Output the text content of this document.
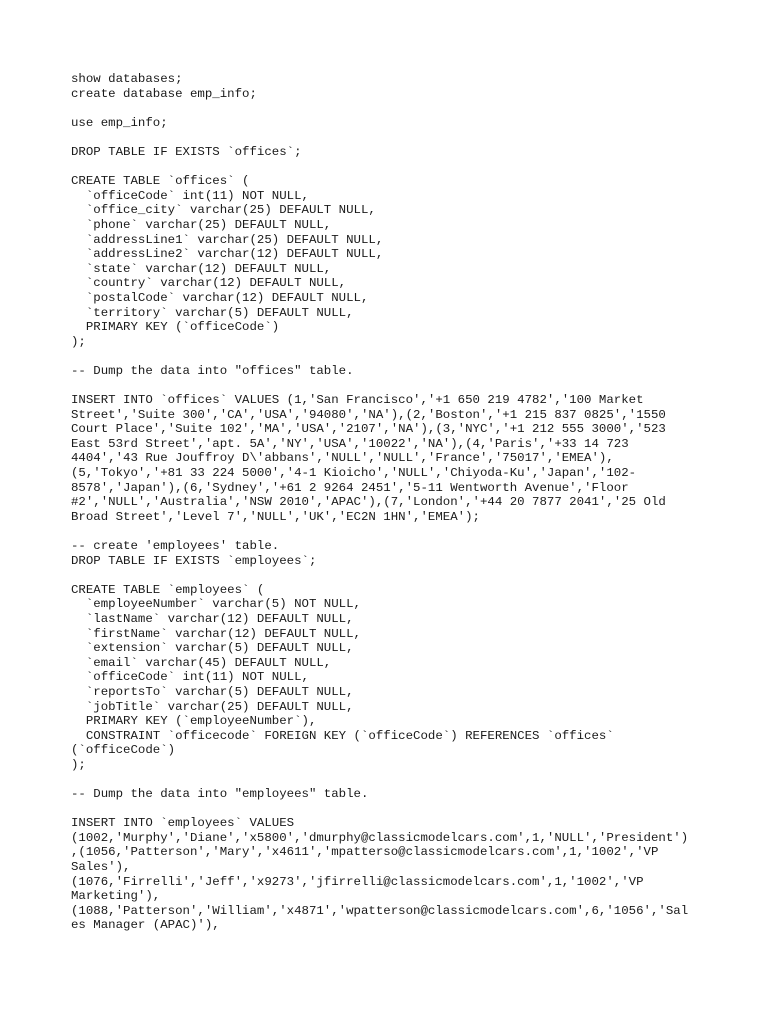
show databases;
create database emp_info;
use emp_info;
DROP TABLE IF EXISTS `offices`;
CREATE TABLE `offices` (
`officeCode` int(11) NOT NULL,
`office_city` varchar(25) DEFAULT NULL,
`phone` varchar(25) DEFAULT NULL,
`addressLine1` varchar(25) DEFAULT NULL,
`addressLine2` varchar(12) DEFAULT NULL,
`state` varchar(12) DEFAULT NULL,
`country` varchar(12) DEFAULT NULL,
`postalCode` varchar(12) DEFAULT NULL,
`territory` varchar(5) DEFAULT NULL,
PRIMARY KEY (`officeCode`)
);
-- Dump the data into "offices" table.
INSERT INTO `offices` VALUES (1,'San Francisco','+1 650 219 4782','100 Market
Street','Suite 300','CA','USA','94080','NA'),(2,'Boston','+1 215 837 0825','1550
Court Place','Suite 102','MA','USA','2107','NA'),(3,'NYC','+1 212 555 3000','523
East 53rd Street','apt. 5A','NY','USA','10022','NA'),(4,'Paris','+33 14 723
4404','43 Rue Jouffroy D\'abbans','NULL','NULL','France','75017','EMEA'),
(5,'Tokyo','+81 33 224 5000','4-1 Kioicho','NULL','Chiyoda-Ku','Japan','102-
8578','Japan'),(6,'Sydney','+61 2 9264 2451','5-11 Wentworth Avenue','Floor
#2','NULL','Australia','NSW 2010','APAC'),(7,'London','+44 20 7877 2041','25 Old
Broad Street','Level 7','NULL','UK','EC2N 1HN','EMEA');
-- create 'employees' table.
DROP TABLE IF EXISTS `employees`;
CREATE TABLE `employees` (
`employeeNumber` varchar(5) NOT NULL,
`lastName` varchar(12) DEFAULT NULL,
`firstName` varchar(12) DEFAULT NULL,
`extension` varchar(5) DEFAULT NULL,
`email` varchar(45) DEFAULT NULL,
`officeCode` int(11) NOT NULL,
`reportsTo` varchar(5) DEFAULT NULL,
`jobTitle` varchar(25) DEFAULT NULL,
PRIMARY KEY (`employeeNumber`),
CONSTRAINT `officecode` FOREIGN KEY (`officeCode`) REFERENCES `offices`
(`officeCode`)
);
-- Dump the data into "employees" table.
INSERT INTO `employees` VALUES
(1002,'Murphy','Diane','x5800','dmurphy@classicmodelcars.com',1,'NULL','President')
,(1056,'Patterson','Mary','x4611','mpatterso@classicmodelcars.com',1,'1002','VP
Sales'),
(1076,'Firrelli','Jeff','x9273','jfirrelli@classicmodelcars.com',1,'1002','VP
Marketing'),
(1088,'Patterson','William','x4871','wpatterson@classicmodelcars.com',6,'1056','Sal
es Manager (APAC)'),
